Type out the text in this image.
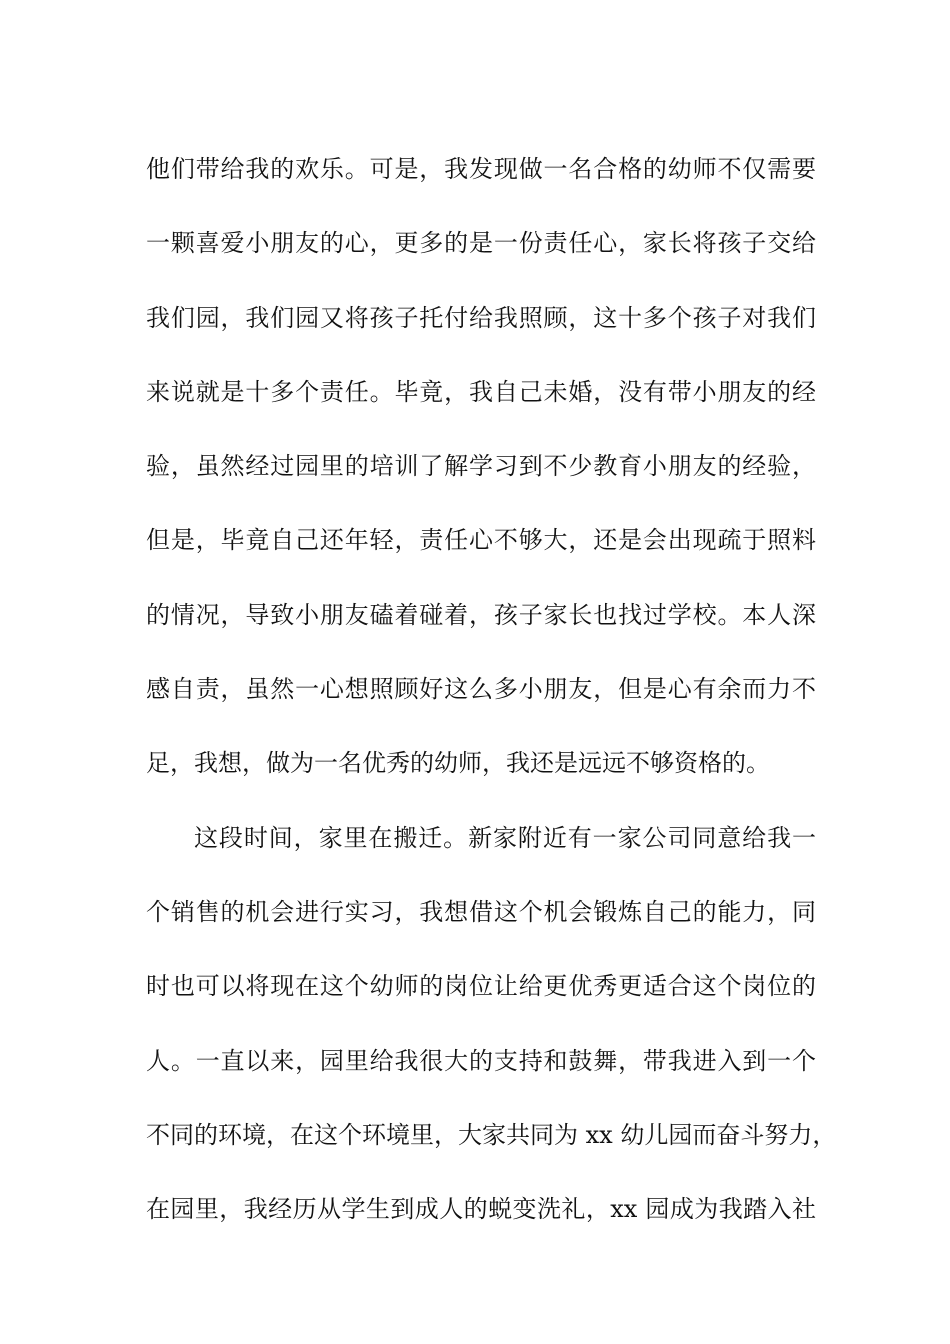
他们带给我的欢乐。可是，我发现做一名合格的幼师不仅需要
一颗喜爱小朋友的心，更多的是一份责任心，家长将孩子交给
我们园，我们园又将孩子托付给我照顾，这十多个孩子对我们
来说就是十多个责任。毕竟，我自己未婚，没有带小朋友的经
验，虽然经过园里的培训了解学习到不少教育小朋友的经验，
但是，毕竟自己还年轻，责任心不够大，还是会出现疏于照料
的情况，导致小朋友磕着碰着，孩子家长也找过学校。本人深
感自责，虽然一心想照顾好这么多小朋友，但是心有余而力不
足，我想，做为一名优秀的幼师，我还是远远不够资格的。
这段时间，家里在搬迁。新家附近有一家公司同意给我一
个销售的机会进行实习，我想借这个机会锻炼自己的能力，同
时也可以将现在这个幼师的岗位让给更优秀更适合这个岗位的
人。一直以来，园里给我很大的支持和鼓舞，带我进入到一个
不同的环境，在这个环境里，大家共同为 xx 幼儿园而奋斗努力，
在园里，我经历从学生到成人的蜕变洗礼，xx 园成为我踏入社
